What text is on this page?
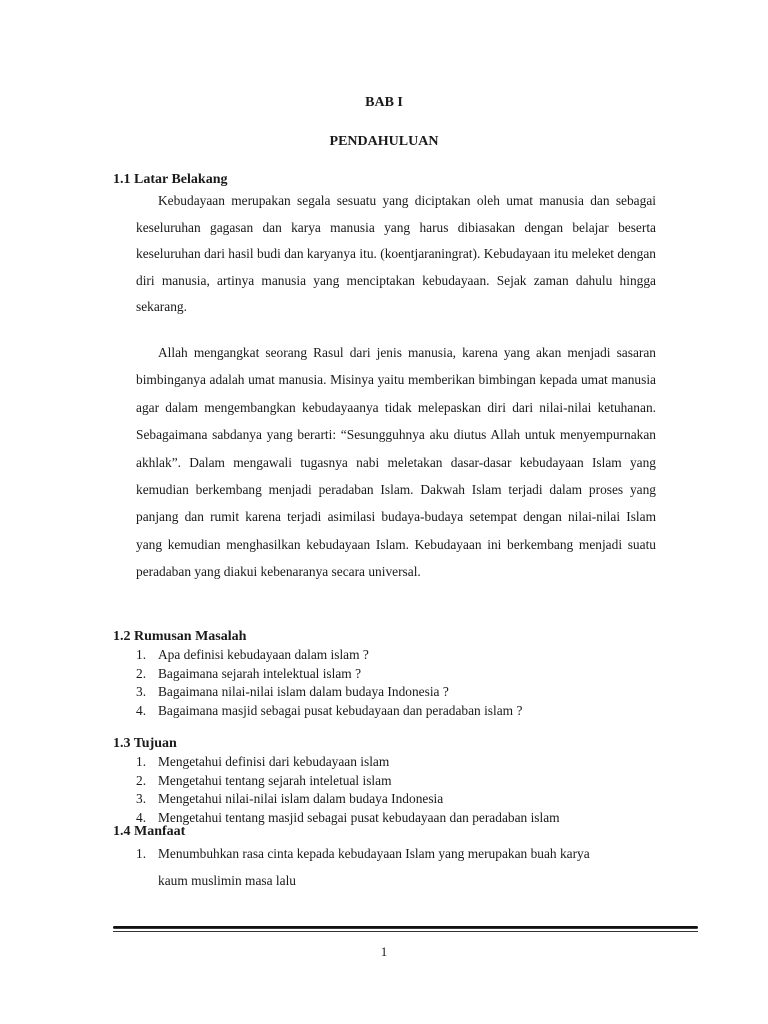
BAB I
PENDAHULUAN
1.1 Latar Belakang

Kebudayaan merupakan segala sesuatu yang diciptakan oleh umat manusia dan sebagai keseluruhan gagasan dan karya manusia yang harus dibiasakan dengan belajar beserta keseluruhan dari hasil budi dan karyanya itu. (koentjaraningrat). Kebudayaan itu meleket dengan diri manusia, artinya manusia yang menciptakan kebudayaan. Sejak zaman dahulu hingga sekarang.

Allah mengangkat seorang Rasul dari jenis manusia, karena yang akan menjadi sasaran bimbinganya adalah umat manusia. Misinya yaitu memberikan bimbingan kepada umat manusia agar dalam mengembangkan kebudayaanya tidak melepaskan diri dari nilai-nilai ketuhanan. Sebagaimana sabdanya yang berarti: “Sesungguhnya aku diutus Allah untuk menyempurnakan akhlak”. Dalam mengawali tugasnya nabi meletakan dasar-dasar kebudayaan Islam yang kemudian berkembang menjadi peradaban Islam. Dakwah Islam terjadi dalam proses yang panjang dan rumit karena terjadi asimilasi budaya-budaya setempat dengan nilai-nilai Islam yang kemudian menghasilkan kebudayaan Islam. Kebudayaan ini berkembang menjadi suatu peradaban yang diakui kebenaranya secara universal.

1.2 Rumusan Masalah
1. Apa definisi kebudayaan dalam islam ?
2. Bagaimana sejarah intelektual islam ?
3. Bagaimana nilai-nilai islam dalam budaya Indonesia ?
4. Bagaimana masjid sebagai pusat kebudayaan dan peradaban islam ?
1.3 Tujuan
1. Mengetahui definisi dari kebudayaan islam
2. Mengetahui tentang sejarah inteletual islam
3. Mengetahui nilai-nilai islam dalam budaya Indonesia
4. Mengetahui tentang masjid sebagai pusat kebudayaan dan peradaban islam
1.4 Manfaat
1. Menumbuhkan rasa cinta kepada kebudayaan Islam yang merupakan buah karya
kaum muslimin masa lalu
1
